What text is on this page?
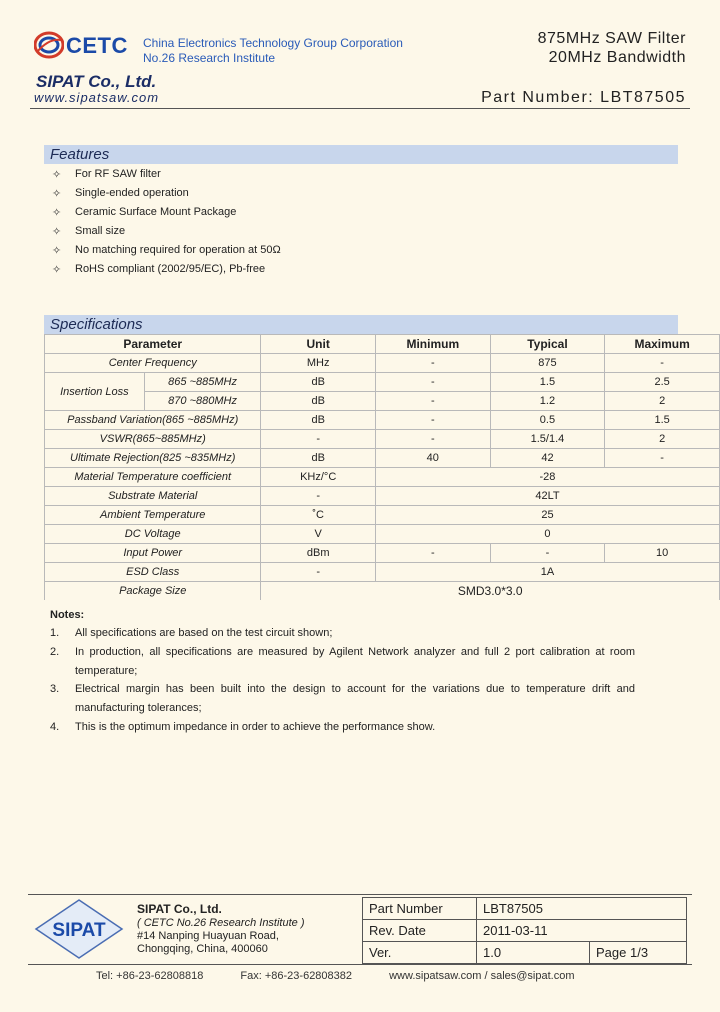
CETC China Electronics Technology Group Corporation
No.26 Research Institute
SIPAT Co., Ltd.
www.sipatsaw.com
875MHz SAW Filter
20MHz Bandwidth
Part Number: LBT87505
Features
✧ For RF SAW filter
✧ Single-ended operation
✧ Ceramic Surface Mount Package
✧ Small size
✧ No matching required for operation at 50Ω
✧ RoHS compliant (2002/95/EC), Pb-free
Specifications
Parameter		Unit	Minimum	Typical	Maximum
Center Frequency		MHz	-	875	-
Insertion Loss	865 ~885MHz	dB	-	1.5	2.5
	870 ~880MHz	dB	-	1.2	2
Passband Variation(865 ~885MHz)		dB	-	0.5	1.5
VSWR(865~885MHz)		-	-	1.5/1.4	2
Ultimate Rejection(825 ~835MHz)		dB	40	42	-
Material Temperature coefficient		KHz/°C	-28		
Substrate Material		-	42LT		
Ambient Temperature		˚C	25		
DC Voltage		V	0		
Input Power		dBm	-	-	10
ESD Class		-	1A		
Package Size		SMD3.0*3.0			
Notes:
1. All specifications are based on the test circuit shown;
2. In production, all specifications are measured by Agilent Network analyzer and full 2 port calibration at room temperature;
3. Electrical margin has been built into the design to account for the variations due to temperature drift and manufacturing tolerances;
4. This is the optimum impedance in order to achieve the performance show.
SIPAT
SIPAT Co., Ltd.
( CETC No.26 Research Institute )
#14 Nanping Huayuan Road,
Chongqing, China, 400060
Part Number	LBT87505	
Rev. Date	2011-03-11	
Ver.	1.0	Page 1/3
Tel: +86-23-62808818	Fax: +86-23-62808382	www.sipatsaw.com / sales@sipat.com
